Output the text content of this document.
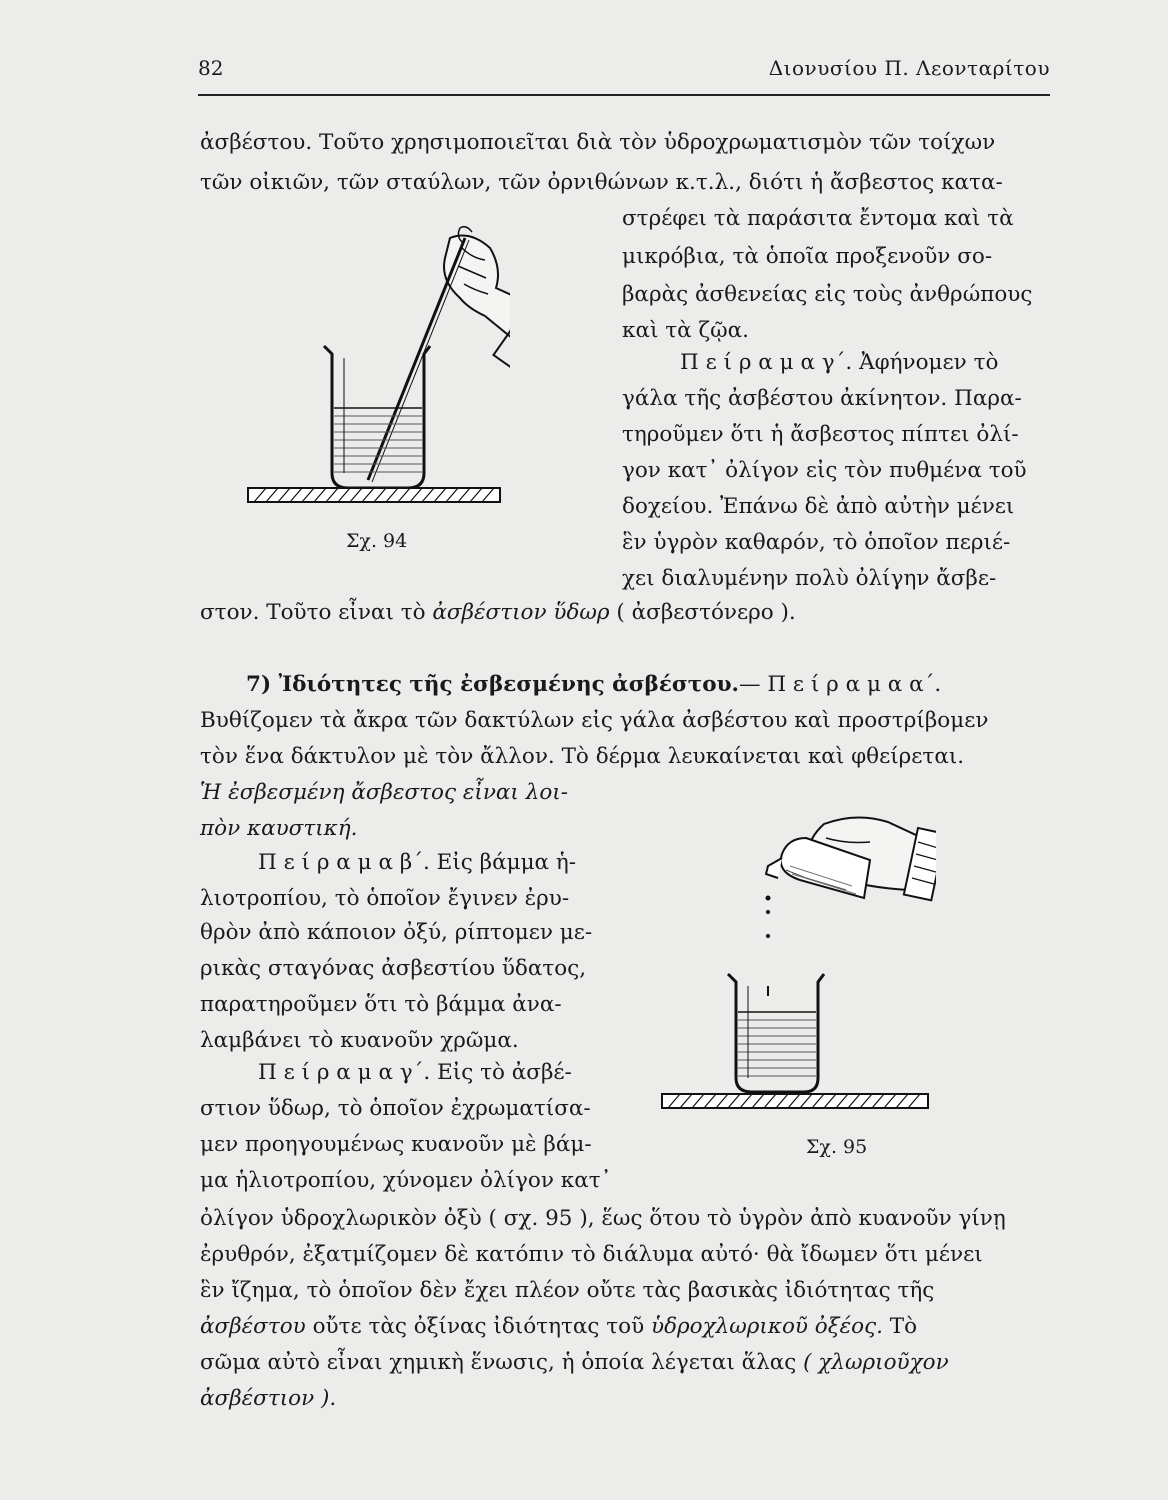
82	Διονυσίου Π. Λεονταρίτου
ἀσβέστου. Τοῦτο χρησιμοποιεῖται διὰ τὸν ὑδροχρωματισμὸν τῶν τοίχων
τῶν οἰκιῶν, τῶν σταύλων, τῶν ὀρνιθώνων κ.τ.λ., διότι ἡ ἄσβεστος κατα-
στρέφει τὰ παράσιτα ἔντομα καὶ τὰ
μικρόβια, τὰ ὁποῖα προξενοῦν σο-
βαρὰς ἀσθενείας εἰς τοὺς ἀνθρώπους
καὶ τὰ ζῷα.
Π ε ί ρ α μ α γ΄. Ἀφήνομεν τὸ
γάλα τῆς ἀσβέστου ἀκίνητον. Παρα-
τηροῦμεν ὅτι ἡ ἄσβεστος πίπτει ὀλί-
γον κατ᾽ ὀλίγον εἰς τὸν πυθμένα τοῦ
δοχείου. Ἐπάνω δὲ ἀπὸ αὐτὴν μένει
ἓν ὑγρὸν καθαρόν, τὸ ὁποῖον περιέ-
χει διαλυμένην πολὺ ὀλίγην ἄσβε-
Σχ. 94
στον. Τοῦτο εἶναι τὸ ἀσβέστιον ὕδωρ ( ἀσβεστόνερο ).
7) Ἰδιότητες τῆς ἐσβεσμένης ἀσβέστου.— Π ε ί ρ α μ α α΄.
Βυθίζομεν τὰ ἄκρα τῶν δακτύλων εἰς γάλα ἀσβέστου καὶ προστρίβομεν
τὸν ἕνα δάκτυλον μὲ τὸν ἄλλον. Τὸ δέρμα λευκαίνεται καὶ φθείρεται.
Ἡ ἐσβεσμένη ἄσβεστος εἶναι λοι-
πὸν καυστική.
Π ε ί ρ α μ α β΄. Εἰς βάμμα ἡ-
λιοτροπίου, τὸ ὁποῖον ἔγινεν ἐρυ-
θρὸν ἀπὸ κάποιον ὀξύ, ρίπτομεν με-
ρικὰς σταγόνας ἀσβεστίου ὕδατος,
παρατηροῦμεν ὅτι τὸ βάμμα ἀνα-
λαμβάνει τὸ κυανοῦν χρῶμα.
Π ε ί ρ α μ α γ΄. Εἰς τὸ ἀσβέ-
στιον ὕδωρ, τὸ ὁποῖον ἐχρωματίσα-
μεν προηγουμένως κυανοῦν μὲ βάμ-
μα ἡλιοτροπίου, χύνομεν ὀλίγον κατ᾽
ὀλίγον ὑδροχλωρικὸν ὀξὺ ( σχ. 95 ), ἕως ὅτου τὸ ὑγρὸν ἀπὸ κυανοῦν γίνῃ
ἐρυθρόν, ἐξατμίζομεν δὲ κατόπιν τὸ διάλυμα αὐτό· θὰ ἴδωμεν ὅτι μένει
ἓν ἴζημα, τὸ ὁποῖον δὲν ἔχει πλέον οὔτε τὰς βασικὰς ἰδιότητας τῆς
Σχ. 95
ἀσβέστου οὔτε τὰς ὀξίνας ἰδιότητας τοῦ ὑδροχλωρικοῦ ὀξέος. Τὸ
σῶμα αὐτὸ εἶναι χημικὴ ἕνωσις, ἡ ὁποία λέγεται ἅλας ( χλωριοῦχον
ἀσβέστιον ).
